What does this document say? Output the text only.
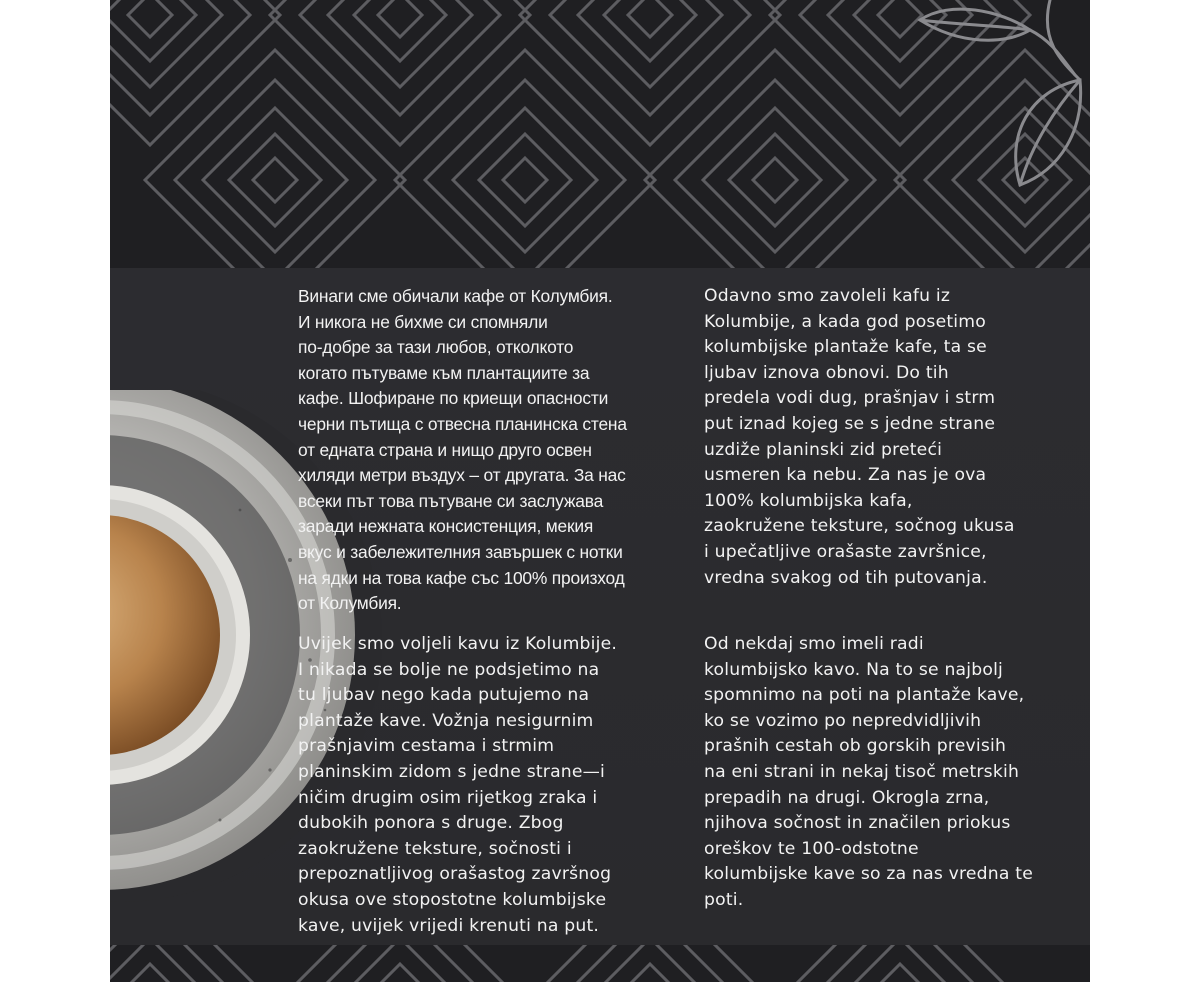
Винаги сме обичали кафе от Колумбия.
И никога не бихме си спомняли
по-добре за тази любов, отколкото
когато пътуваме към плантациите за
кафе. Шофиране по криещи опасности
черни пътища с отвесна планинска стена
от едната страна и нищо друго освен
хиляди метри въздух – от другата. За нас
всеки път това пътуване си заслужава
заради нежната консистенция, мекия
вкус и забележителния завършек с нотки
на ядки на това кафе със 100% произход
от Колумбия.
Odavno smo zavoleli kafu iz
Kolumbije, a kada god posetimo
kolumbijske plantaže kafe, ta se
ljubav iznova obnovi. Do tih
predela vodi dug, prašnjav i strm
put iznad kojeg se s jedne strane
uzdiže planinski zid preteći
usmeren ka nebu. Za nas je ova
100% kolumbijska kafa,
zaokružene teksture, sočnog ukusa
i upečatljive orašaste završnice,
vredna svakog od tih putovanja.
Uvijek smo voljeli kavu iz Kolumbije.
I nikada se bolje ne podsjetimo na
tu ljubav nego kada putujemo na
plantaže kave. Vožnja nesigurnim
prašnjavim cestama i strmim
planinskim zidom s jedne strane—i
ničim drugim osim rijetkog zraka i
dubokih ponora s druge. Zbog
zaokružene teksture, sočnosti i
prepoznatljivog orašastog završnog
okusa ove stopostotne kolumbijske
kave, uvijek vrijedi krenuti na put.
Od nekdaj smo imeli radi
kolumbijsko kavo. Na to se najbolj
spomnimo na poti na plantaže kave,
ko se vozimo po nepredvidljivih
prašnih cestah ob gorskih previsih
na eni strani in nekaj tisoč metrskih
prepadih na drugi. Okrogla zrna,
njihova sočnost in značilen priokus
oreškov te 100-odstotne
kolumbijske kave so za nas vredna te
poti.
